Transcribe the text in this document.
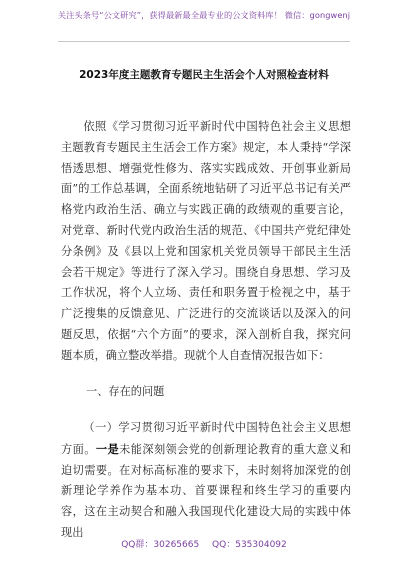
关注头条号“公文研究”，获得最新最全最专业的公文资料库！ 微信：gongwenj
2023年度主题教育专题民主生活会个人对照检查材料

依照《学习贯彻习近平新时代中国特色社会主义思想主题教育专题民主生活会工作方案》规定，本人秉持“学深悟透思想、增强党性修为、落实实践成效、开创事业新局面”的工作总基调，全面系统地钻研了习近平总书记有关严格党内政治生活、确立与实践正确的政绩观的重要言论，对党章、新时代党内政治生活的规范、《中国共产党纪律处分条例》及《县以上党和国家机关党员领导干部民主生活会若干规定》等进行了深入学习。围绕自身思想、学习及工作状况，将个人立场、责任和职务置于检视之中，基于广泛搜集的反馈意见、广泛进行的交流谈话以及深入的问题反思，依据“六个方面”的要求，深入剖析自我，探究问题本质，确立整改举措。现就个人自查情况报告如下：

一、存在的问题

（一）学习贯彻习近平新时代中国特色社会主义思想方面。一是未能深刻领会党的创新理论教育的重大意义和迫切需要。在对标高标准的要求下，未时刻将加深党的创新理论学养作为基本功、首要课程和终生学习的重要内容，这在主动契合和融入我国现代化建设大局的实践中体现出

QQ群：30265665 QQ：535304092
